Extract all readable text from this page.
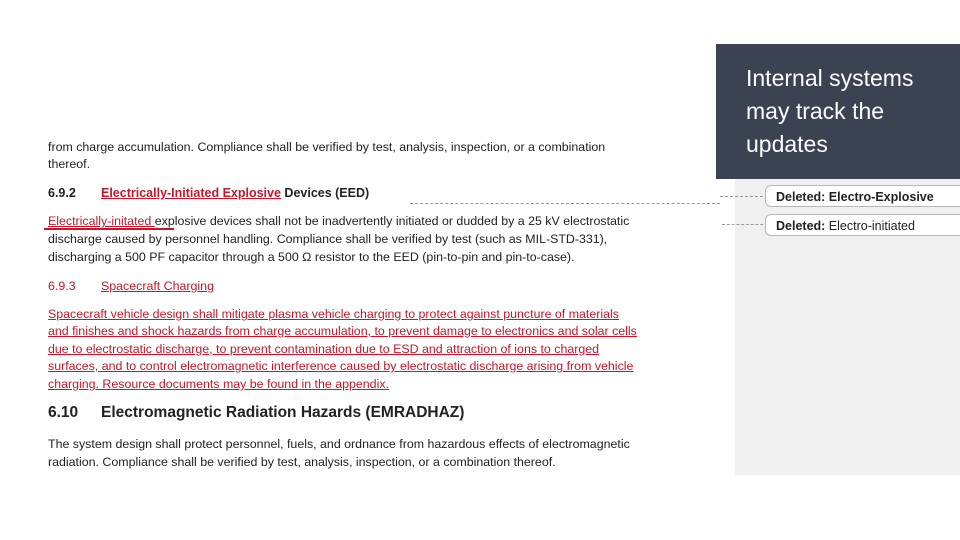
from charge accumulation. Compliance shall be verified by test, analysis, inspection, or a combination
thereof.
6.9.2 Electrically-Initiated Explosive Devices (EED)
Electrically-initated explosive devices shall not be inadvertently initiated or dudded by a 25 kV electrostatic
discharge caused by personnel handling. Compliance shall be verified by test (such as MIL-STD-331),
discharging a 500 PF capacitor through a 500 Ω resistor to the EED (pin-to-pin and pin-to-case).
6.9.3 Spacecraft Charging
Spacecraft vehicle design shall mitigate plasma vehicle charging to protect against puncture of materials
and finishes and shock hazards from charge accumulation, to prevent damage to electronics and solar cells
due to electrostatic discharge, to prevent contamination due to ESD and attraction of ions to charged
surfaces, and to control electromagnetic interference caused by electrostatic discharge arising from vehicle
charging. Resource documents may be found in the appendix.
6.10 Electromagnetic Radiation Hazards (EMRADHAZ)
The system design shall protect personnel, fuels, and ordnance from hazardous effects of electromagnetic
radiation. Compliance shall be verified by test, analysis, inspection, or a combination thereof.
Deleted: Electro-Explosive
Deleted: Electro-initiated
Internal systems may track the updates
